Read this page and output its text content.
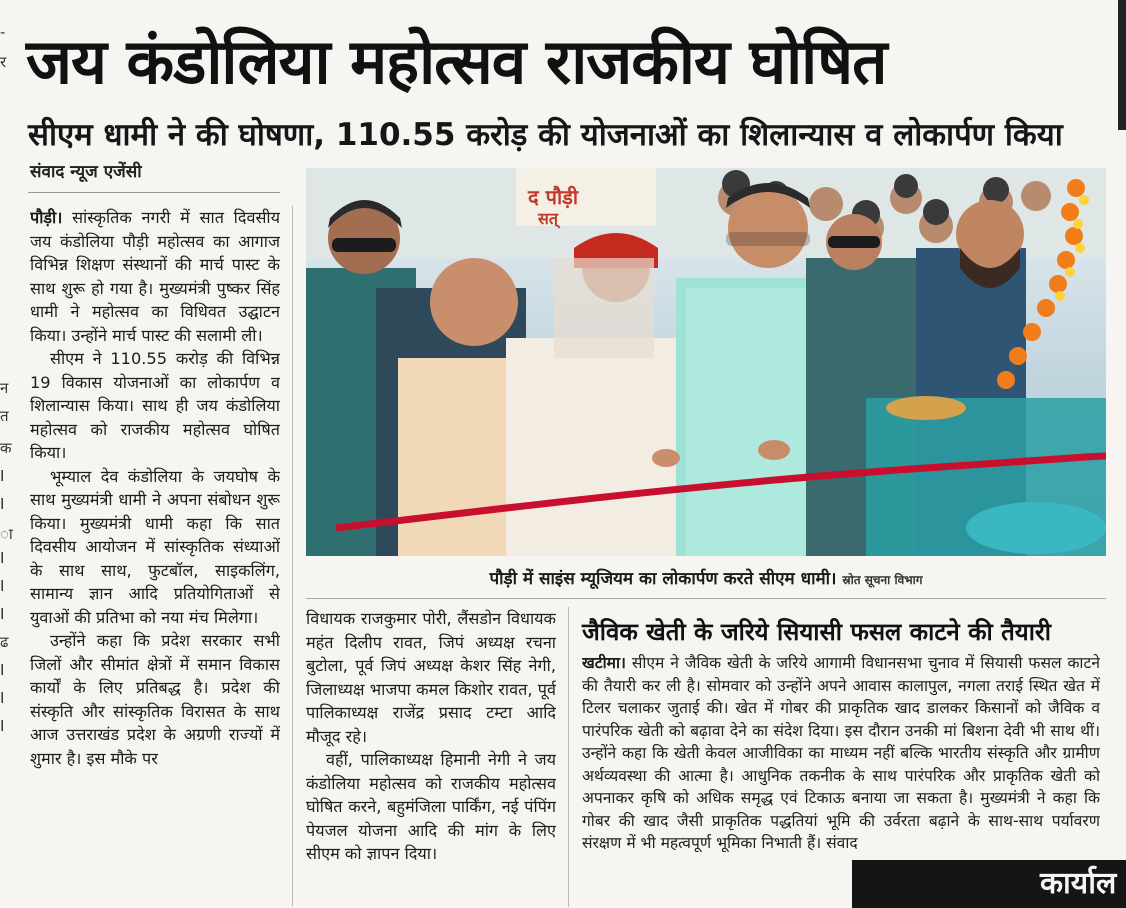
-
र
न
त
क
I
I
ा
I
I
I
ढ
I
I
I
जय कंडोलिया महोत्सव राजकीय घोषित
सीएम धामी ने की घोषणा, 110.55 करोड़ की योजनाओं का शिलान्यास व लोकार्पण किया
संवाद न्यूज एजेंसी

पौड़ी। सांस्कृतिक नगरी में सात दिवसीय जय कंडोलिया पौड़ी महोत्सव का आगाज विभिन्न शिक्षण संस्थानों की मार्च पास्ट के साथ शुरू हो गया है। मुख्यमंत्री पुष्कर सिंह धामी ने महोत्सव का विधिवत उद्घाटन किया। उन्होंने मार्च पास्ट की सलामी ली।

सीएम ने 110.55 करोड़ की विभिन्न 19 विकास योजनाओं का लोकार्पण व शिलान्यास किया। साथ ही जय कंडोलिया महोत्सव को राजकीय महोत्सव घोषित किया।

भूम्याल देव कंडोलिया के जयघोष के साथ मुख्यमंत्री धामी ने अपना संबोधन शुरू किया। मुख्यमंत्री धामी कहा कि सात दिवसीय आयोजन में सांस्कृतिक संध्याओं के साथ साथ, फुटबॉल, साइकलिंग, सामान्य ज्ञान आदि प्रतियोगिताओं से युवाओं की प्रतिभा को नया मंच मिलेगा।

उन्होंने कहा कि प्रदेश सरकार सभी जिलों और सीमांत क्षेत्रों में समान विकास कार्यों के लिए प्रतिबद्ध है। प्रदेश की संस्कृति और सांस्कृतिक विरासत के साथ आज उत्तराखंड प्रदेश के अग्रणी राज्यों में शुमार है। इस मौके पर

द पौड़ी
सत्
पौड़ी में साइंस म्यूजियम का लोकार्पण करते सीएम धामी। स्रोत सूचना विभाग

विधायक राजकुमार पोरी, लैंसडोन विधायक महंत दिलीप रावत, जिपं अध्यक्ष रचना बुटोला, पूर्व जिपं अध्यक्ष केशर सिंह नेगी, जिलाध्यक्ष भाजपा कमल किशोर रावत, पूर्व पालिकाध्यक्ष राजेंद्र प्रसाद टम्टा आदि मौजूद रहे।

वहीं, पालिकाध्यक्ष हिमानी नेगी ने जय कंडोलिया महोत्सव को राजकीय महोत्सव घोषित करने, बहुमंजिला पार्किंग, नई पंपिंग पेयजल योजना आदि की मांग के लिए सीएम को ज्ञापन दिया।

जैविक खेती के जरिये सियासी फसल काटने की तैयारी

खटीमा। सीएम ने जैविक खेती के जरिये आगामी विधानसभा चुनाव में सियासी फसल काटने की तैयारी कर ली है। सोमवार को उन्होंने अपने आवास कालापुल, नगला तराई स्थित खेत में टिलर चलाकर जुताई की। खेत में गोबर की प्राकृतिक खाद डालकर किसानों को जैविक व पारंपरिक खेती को बढ़ावा देने का संदेश दिया। इस दौरान उनकी मां बिशना देवी भी साथ थीं। उन्होंने कहा कि खेती केवल आजीविका का माध्यम नहीं बल्कि भारतीय संस्कृति और ग्रामीण अर्थव्यवस्था की आत्मा है। आधुनिक तकनीक के साथ पारंपरिक और प्राकृतिक खेती को अपनाकर कृषि को अधिक समृद्ध एवं टिकाऊ बनाया जा सकता है। मुख्यमंत्री ने कहा कि गोबर की खाद जैसी प्राकृतिक पद्धतियां भूमि की उर्वरता बढ़ाने के साथ-साथ पर्यावरण संरक्षण में भी महत्वपूर्ण भूमिका निभाती हैं। संवाद

कार्याल
